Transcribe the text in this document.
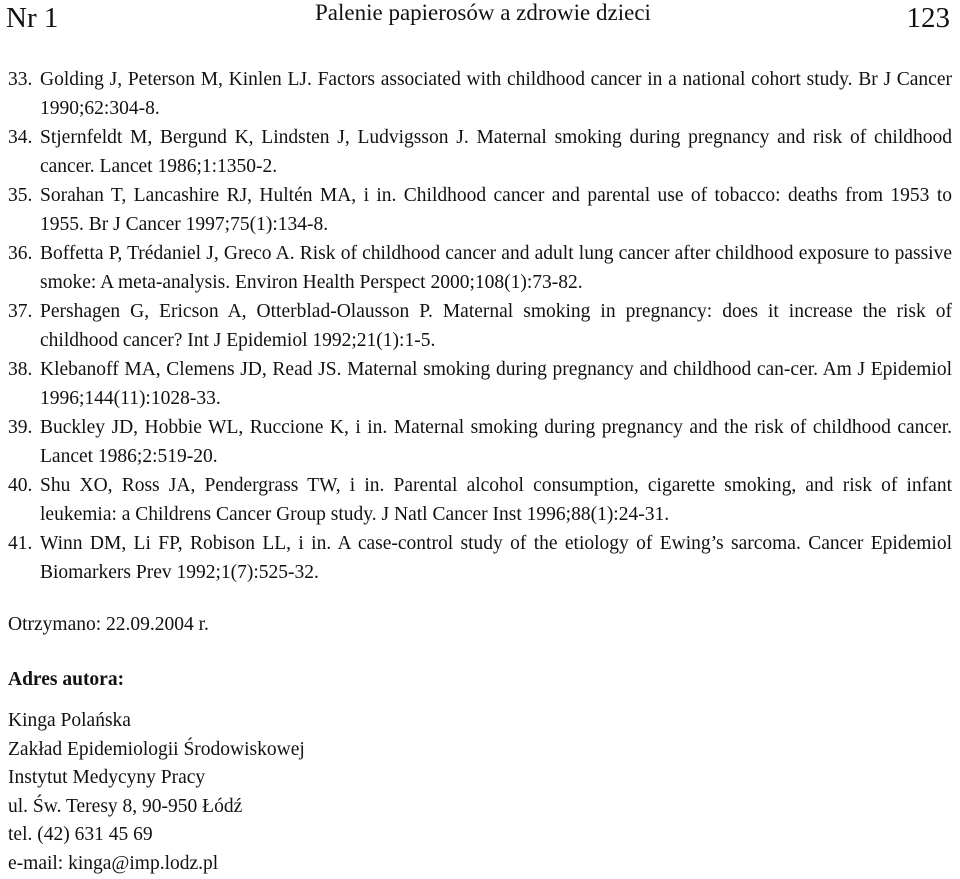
Nr 1	Palenie papierosów a zdrowie dzieci	123
33. Golding J, Peterson M, Kinlen LJ. Factors associated with childhood cancer in a national cohort study. Br J Cancer 1990;62:304-8.
34. Stjernfeldt M, Bergund K, Lindsten J, Ludvigsson J. Maternal smoking during pregnancy and risk of childhood cancer. Lancet 1986;1:1350-2.
35. Sorahan T, Lancashire RJ, Hultén MA, i in. Childhood cancer and parental use of tobacco: deaths from 1953 to 1955. Br J Cancer 1997;75(1):134-8.
36. Boffetta P, Trédaniel J, Greco A. Risk of childhood cancer and adult lung cancer after childhood exposure to passive smoke: A meta-analysis. Environ Health Perspect 2000;108(1):73-82.
37. Pershagen G, Ericson A, Otterblad-Olausson P. Maternal smoking in pregnancy: does it increase the risk of childhood cancer? Int J Epidemiol 1992;21(1):1-5.
38. Klebanoff MA, Clemens JD, Read JS. Maternal smoking during pregnancy and childhood can-cer. Am J Epidemiol 1996;144(11):1028-33.
39. Buckley JD, Hobbie WL, Ruccione K, i in. Maternal smoking during pregnancy and the risk of childhood cancer. Lancet 1986;2:519-20.
40. Shu XO, Ross JA, Pendergrass TW, i in. Parental alcohol consumption, cigarette smoking, and risk of infant leukemia: a Childrens Cancer Group study. J Natl Cancer Inst 1996;88(1):24-31.
41. Winn DM, Li FP, Robison LL, i in. A case-control study of the etiology of Ewing’s sarcoma. Cancer Epidemiol Biomarkers Prev 1992;1(7):525-32.
Otrzymano: 22.09.2004 r.
Adres autora:
Kinga Polańska
Zakład Epidemiologii Środowiskowej
Instytut Medycyny Pracy
ul. Św. Teresy 8, 90-950 Łódź
tel. (42) 631 45 69
e-mail: kinga@imp.lodz.pl
